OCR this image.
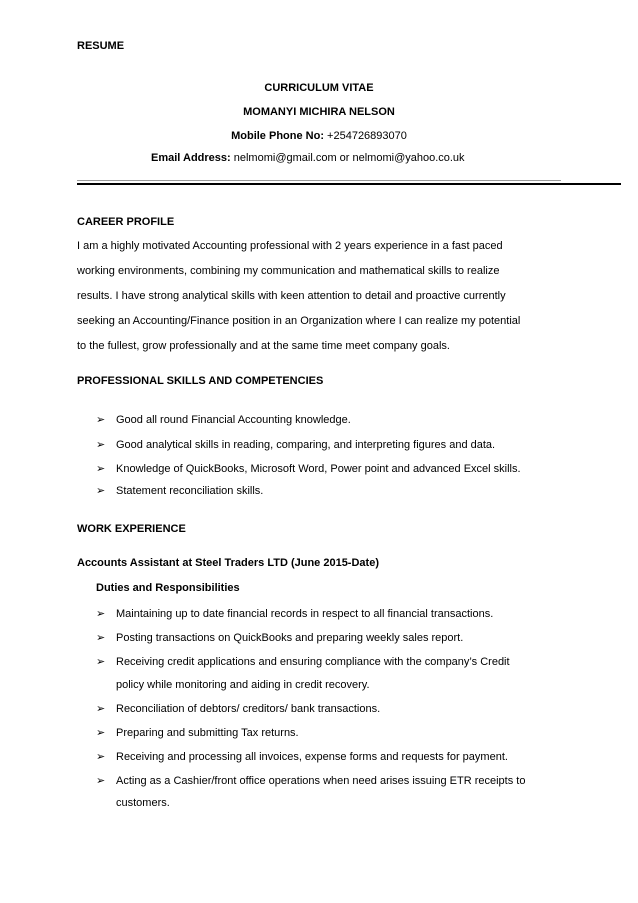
RESUME
CURRICULUM VITAE
MOMANYI MICHIRA NELSON
Mobile Phone No: +254726893070
Email Address: nelmomi@gmail.com or nelmomi@yahoo.co.uk
CAREER PROFILE
I am a highly motivated Accounting professional with 2 years experience in a fast paced
working environments, combining my communication and mathematical skills to realize
results. I have strong analytical skills with keen attention to detail and proactive currently
seeking an Accounting/Finance position in an Organization where I can realize my potential
to the fullest, grow professionally and at the same time meet company goals.
PROFESSIONAL SKILLS AND COMPETENCIES
➢ Good all round Financial Accounting knowledge.
➢ Good analytical skills in reading, comparing, and interpreting figures and data.
➢ Knowledge of QuickBooks, Microsoft Word, Power point and advanced Excel skills.
➢ Statement reconciliation skills.
WORK EXPERIENCE
Accounts Assistant at Steel Traders LTD (June 2015-Date)
Duties and Responsibilities
➢ Maintaining up to date financial records in respect to all financial transactions.
➢ Posting transactions on QuickBooks and preparing weekly sales report.
➢ Receiving credit applications and ensuring compliance with the company’s Credit
policy while monitoring and aiding in credit recovery.
➢ Reconciliation of debtors/ creditors/ bank transactions.
➢ Preparing and submitting Tax returns.
➢ Receiving and processing all invoices, expense forms and requests for payment.
➢ Acting as a Cashier/front office operations when need arises issuing ETR receipts to
customers.
